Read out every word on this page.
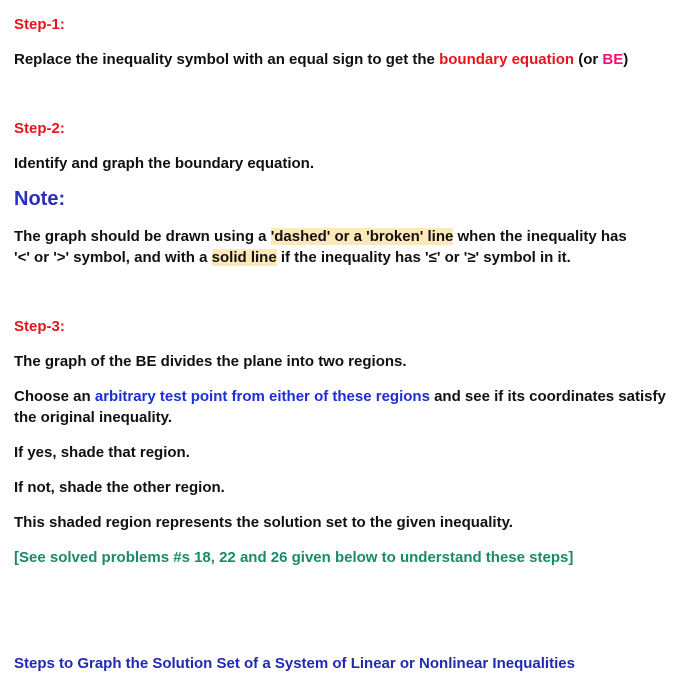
Step-1:
Replace the inequality symbol with an equal sign to get the boundary equation (or BE)
Step-2:
Identify and graph the boundary equation.
Note:
The graph should be drawn using a 'dashed' or a 'broken' line when the inequality has
'<' or '>' symbol, and with a solid line if the inequality has '≤' or '≥' symbol in it.
Step-3:
The graph of the BE divides the plane into two regions.
Choose an arbitrary test point from either of these regions and see if its coordinates satisfy the original inequality.
If yes, shade that region.
If not, shade the other region.
This shaded region represents the solution set to the given inequality.
[See solved problems #s 18, 22 and 26 given below to understand these steps]
Steps to Graph the Solution Set of a System of Linear or Nonlinear Inequalities
